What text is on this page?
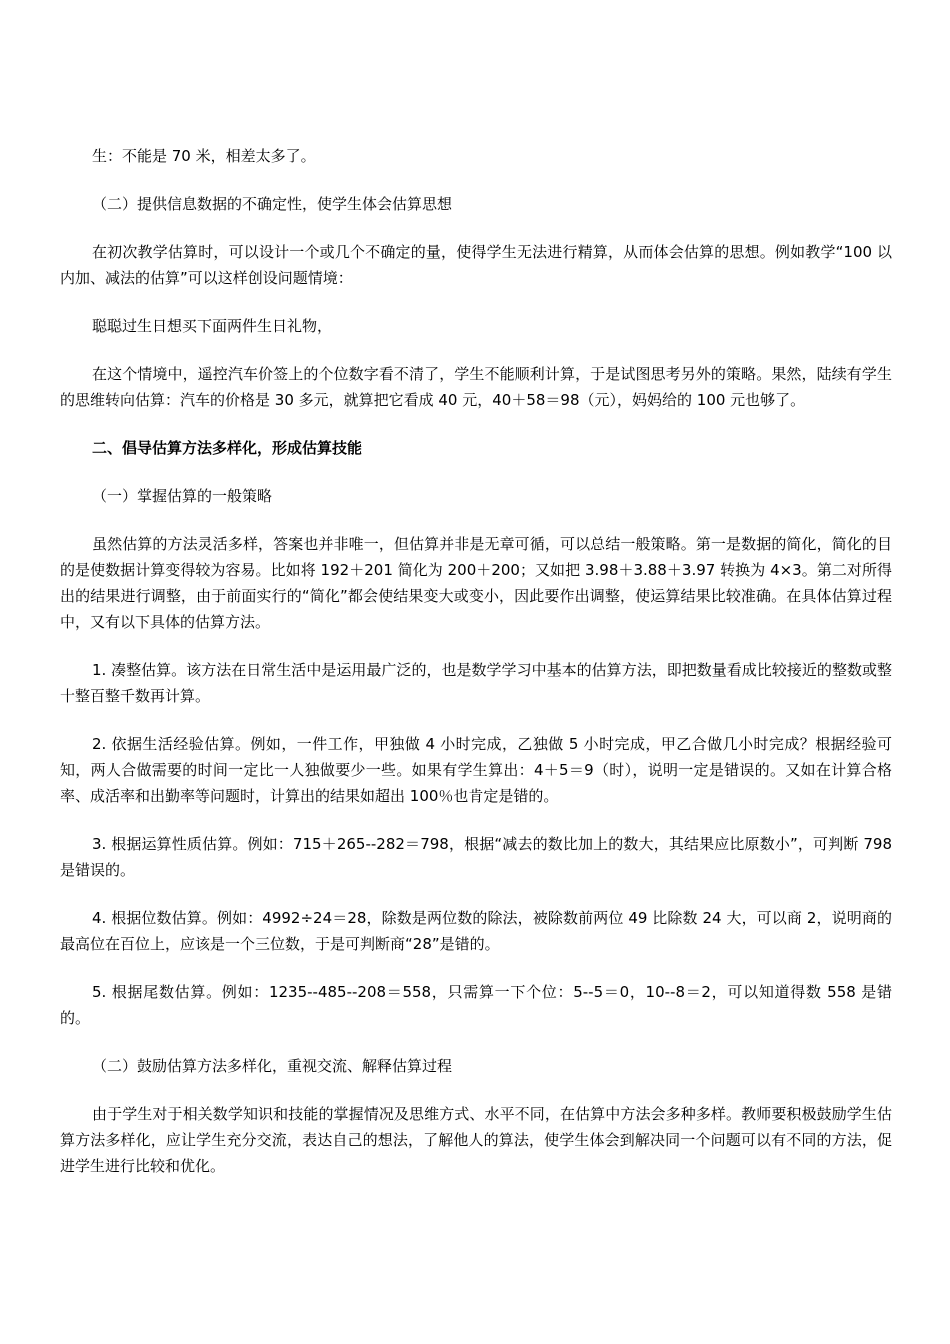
生：不能是 70 米，相差太多了。

（二）提供信息数据的不确定性，使学生体会估算思想

在初次教学估算时，可以设计一个或几个不确定的量，使得学生无法进行精算，从而体会估算的思想。例如教学“100 以内加、减法的估算”可以这样创设问题情境：

聪聪过生日想买下面两件生日礼物，

在这个情境中，遥控汽车价签上的个位数字看不清了，学生不能顺利计算，于是试图思考另外的策略。果然，陆续有学生的思维转向估算：汽车的价格是 30 多元，就算把它看成 40 元，40＋58＝98（元），妈妈给的 100 元也够了。

二、倡导估算方法多样化，形成估算技能

（一）掌握估算的一般策略

虽然估算的方法灵活多样，答案也并非唯一，但估算并非是无章可循，可以总结一般策略。第一是数据的简化，简化的目的是使数据计算变得较为容易。比如将 192＋201 简化为 200＋200；又如把 3.98＋3.88＋3.97 转换为 4×3。第二对所得出的结果进行调整，由于前面实行的“简化”都会使结果变大或变小，因此要作出调整，使运算结果比较准确。在具体估算过程中，又有以下具体的估算方法。

1. 凑整估算。该方法在日常生活中是运用最广泛的，也是数学学习中基本的估算方法，即把数量看成比较接近的整数或整十整百整千数再计算。

2. 依据生活经验估算。例如，一件工作，甲独做 4 小时完成，乙独做 5 小时完成，甲乙合做几小时完成？根据经验可知，两人合做需要的时间一定比一人独做要少一些。如果有学生算出：4＋5＝9（时），说明一定是错误的。又如在计算合格率、成活率和出勤率等问题时，计算出的结果如超出 100％也肯定是错的。

3. 根据运算性质估算。例如：715＋265--282＝798，根据“减去的数比加上的数大，其结果应比原数小”，可判断 798 是错误的。

4. 根据位数估算。例如：4992÷24＝28，除数是两位数的除法，被除数前两位 49 比除数 24 大，可以商 2，说明商的最高位在百位上，应该是一个三位数，于是可判断商“28”是错的。

5. 根据尾数估算。例如：1235--485--208＝558，只需算一下个位：5--5＝0，10--8＝2，可以知道得数 558 是错的。

（二）鼓励估算方法多样化，重视交流、解释估算过程

由于学生对于相关数学知识和技能的掌握情况及思维方式、水平不同，在估算中方法会多种多样。教师要积极鼓励学生估算方法多样化，应让学生充分交流，表达自己的想法，了解他人的算法，使学生体会到解决同一个问题可以有不同的方法，促进学生进行比较和优化。
